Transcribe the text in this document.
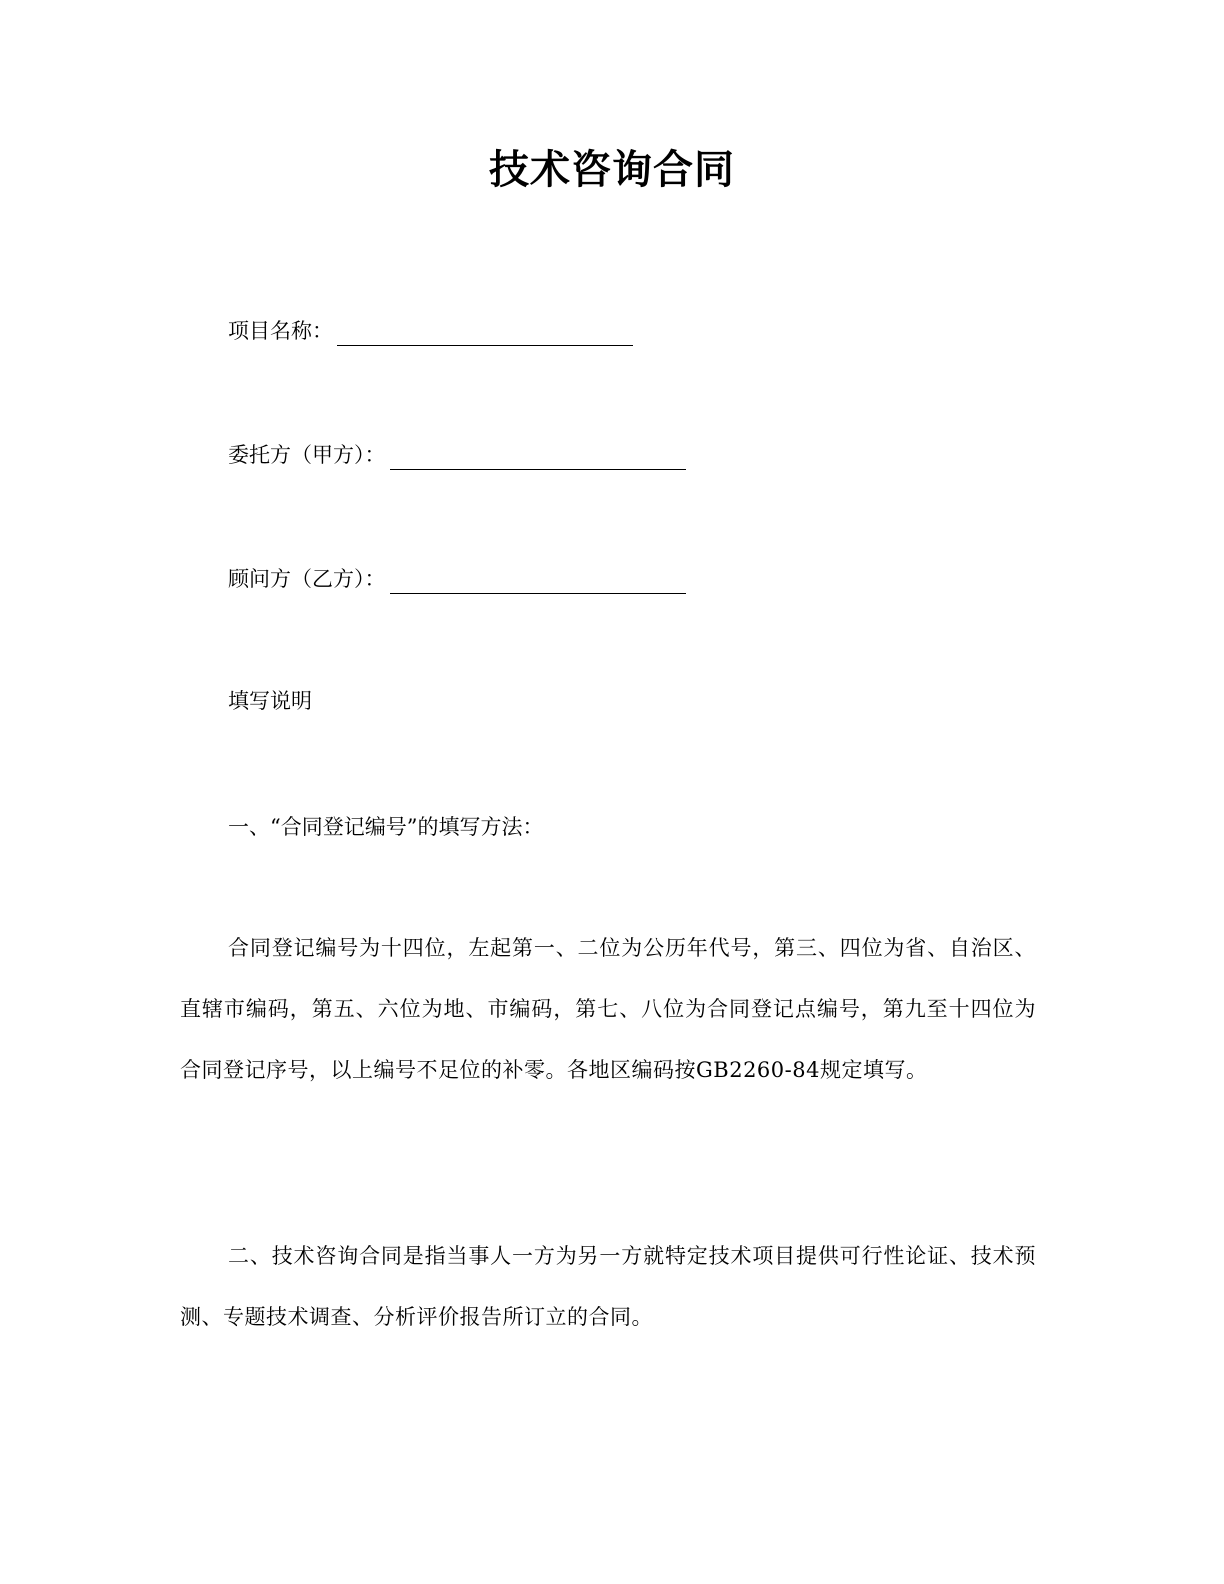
技术咨询合同
项目名称：
委托方（甲方）：
顾问方（乙方）：
填写说明
一、“合同登记编号”的填写方法：
合同登记编号为十四位，左起第一、二位为公历年代号，第三、四位为省、自治区、直辖市编码，第五、六位为地、市编码，第七、八位为合同登记点编号，第九至十四位为合同登记序号，以上编号不足位的补零。各地区编码按GB2260-84规定填写。
二、技术咨询合同是指当事人一方为另一方就特定技术项目提供可行性论证、技术预测、专题技术调查、分析评价报告所订立的合同。
